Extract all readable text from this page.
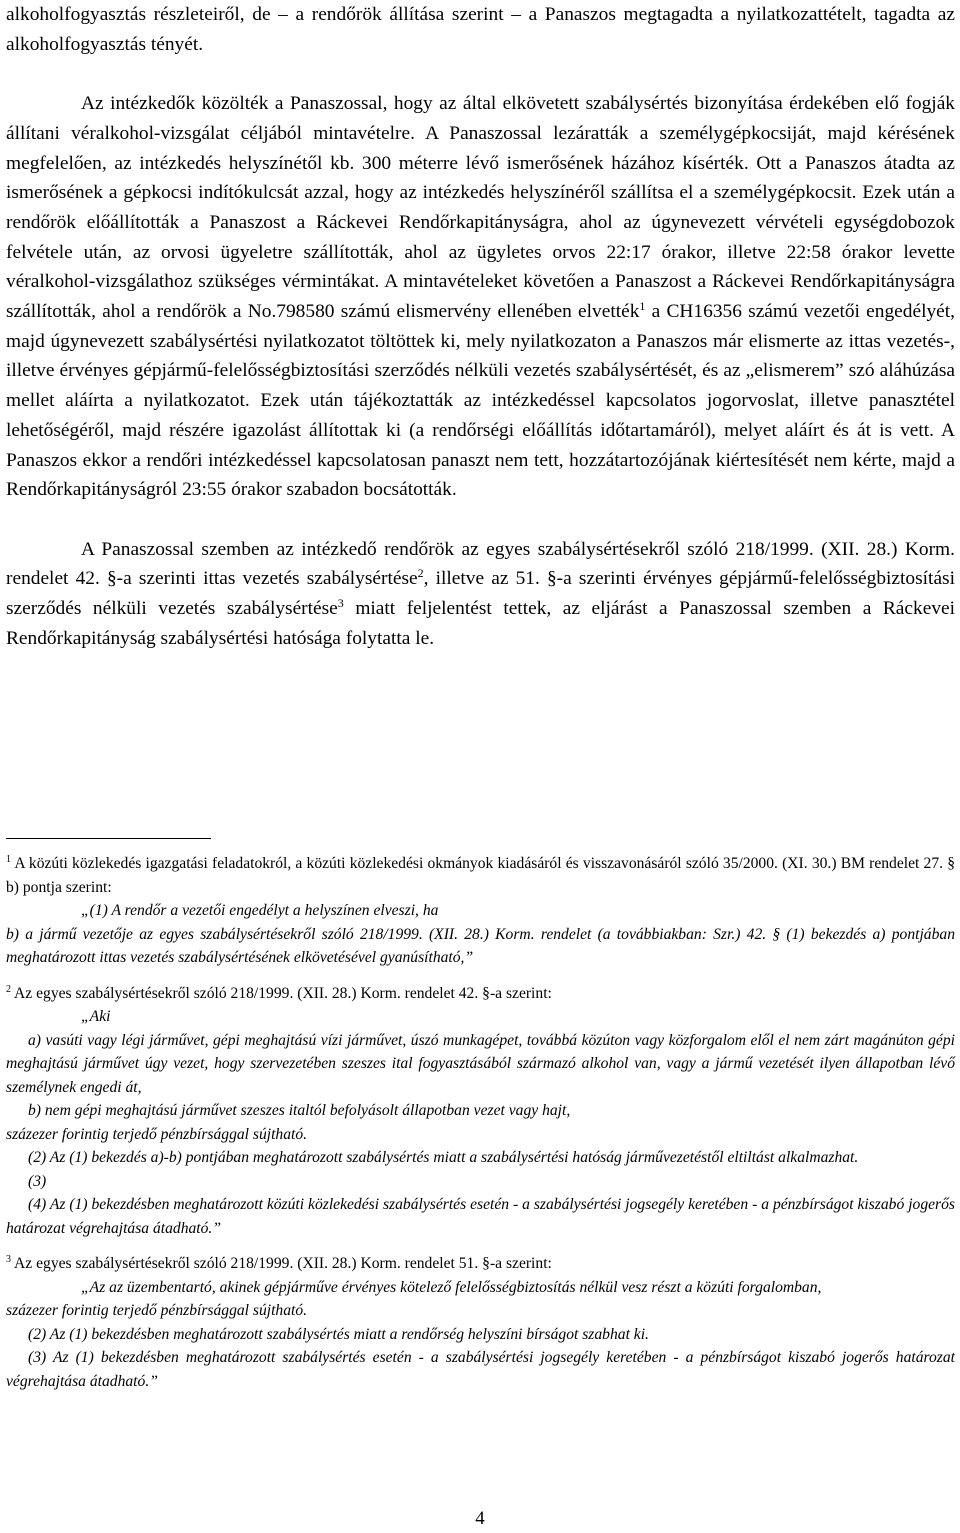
alkoholfogyasztás részleteiről, de – a rendőrök állítása szerint – a Panaszos megtagadta a nyilatkozattételt, tagadta az alkoholfogyasztás tényét.

Az intézkedők közölték a Panaszossal, hogy az által elkövetett szabálysértés bizonyítása érdekében elő fogják állítani véralkohol-vizsgálat céljából mintavételre. A Panaszossal lezáratták a személygépkocsiját, majd kérésének megfelelően, az intézkedés helyszínétől kb. 300 méterre lévő ismerősének házához kísérték. Ott a Panaszos átadta az ismerősének a gépkocsi indítókulcsát azzal, hogy az intézkedés helyszínéről szállítsa el a személygépkocsit. Ezek után a rendőrök előállították a Panaszost a Ráckevei Rendőrkapitányságra, ahol az úgynevezett vérvételi egységdobozok felvétele után, az orvosi ügyeletre szállították, ahol az ügyletes orvos 22:17 órakor, illetve 22:58 órakor levette véralkohol-vizsgálathoz szükséges vérmintákat. A mintavételeket követően a Panaszost a Ráckevei Rendőrkapitányságra szállították, ahol a rendőrök a No.798580 számú elismervény ellenében elvették$^1$ a CH16356 számú vezetői engedélyét, majd úgynevezett szabálysértési nyilatkozatot töltöttek ki, mely nyilatkozaton a Panaszos már elismerte az ittas vezetés-, illetve érvényes gépjármű-felelősségbiztosítási szerződés nélküli vezetés szabálysértését, és az „elismerem” szó aláhúzása mellet aláírta a nyilatkozatot. Ezek után tájékoztatták az intézkedéssel kapcsolatos jogorvoslat, illetve panasztétel lehetőségéről, majd részére igazolást állítottak ki (a rendőrségi előállítás időtartamáról), melyet aláírt és át is vett. A Panaszos ekkor a rendőri intézkedéssel kapcsolatosan panaszt nem tett, hozzátartozójának kiértesítését nem kérte, majd a Rendőrkapitányságról 23:55 órakor szabadon bocsátották.

A Panaszossal szemben az intézkedő rendőrök az egyes szabálysértésekről szóló 218/1999. (XII. 28.) Korm. rendelet 42. §-a szerinti ittas vezetés szabálysértése$^2$, illetve az 51. §-a szerinti érvényes gépjármű-felelősségbiztosítási szerződés nélküli vezetés szabálysértése$^3$ miatt feljelentést tettek, az eljárást a Panaszossal szemben a Ráckevei Rendőrkapitányság szabálysértési hatósága folytatta le.

$^1$ A közúti közlekedés igazgatási feladatokról, a közúti közlekedési okmányok kiadásáról és visszavonásáról szóló 35/2000. (XI. 30.) BM rendelet 27. § b) pontja szerint:

„(1) A rendőr a vezetői engedélyt a helyszínen elveszi, ha

b) a jármű vezetője az egyes szabálysértésekről szóló 218/1999. (XII. 28.) Korm. rendelet (a továbbiakban: Szr.) 42. § (1) bekezdés a) pontjában meghatározott ittas vezetés szabálysértésének elkövetésével gyanúsítható,”

$^2$ Az egyes szabálysértésekről szóló 218/1999. (XII. 28.) Korm. rendelet 42. §-a szerint:

„Aki

a) vasúti vagy légi járművet, gépi meghajtású vízi járművet, úszó munkagépet, továbbá közúton vagy közforgalom elől el nem zárt magánúton gépi meghajtású járművet úgy vezet, hogy szervezetében szeszes ital fogyasztásából származó alkohol van, vagy a jármű vezetését ilyen állapotban lévő személynek engedi át,

b) nem gépi meghajtású járművet szeszes italtól befolyásolt állapotban vezet vagy hajt,

százezer forintig terjedő pénzbírsággal sújtható.

(2) Az (1) bekezdés a)-b) pontjában meghatározott szabálysértés miatt a szabálysértési hatóság járművezetéstől eltiltást alkalmazhat.

(3)

(4) Az (1) bekezdésben meghatározott közúti közlekedési szabálysértés esetén - a szabálysértési jogsegély keretében - a pénzbírságot kiszabó jogerős határozat végrehajtása átadható.”

$^3$ Az egyes szabálysértésekről szóló 218/1999. (XII. 28.) Korm. rendelet 51. §-a szerint:

„Az az üzembentartó, akinek gépjárműve érvényes kötelező felelősségbiztosítás nélkül vesz részt a közúti forgalomban,

százezer forintig terjedő pénzbírsággal sújtható.

(2) Az (1) bekezdésben meghatározott szabálysértés miatt a rendőrség helyszíni bírságot szabhat ki.

(3) Az (1) bekezdésben meghatározott szabálysértés esetén - a szabálysértési jogsegély keretében - a pénzbírságot kiszabó jogerős határozat végrehajtása átadható.”

4
